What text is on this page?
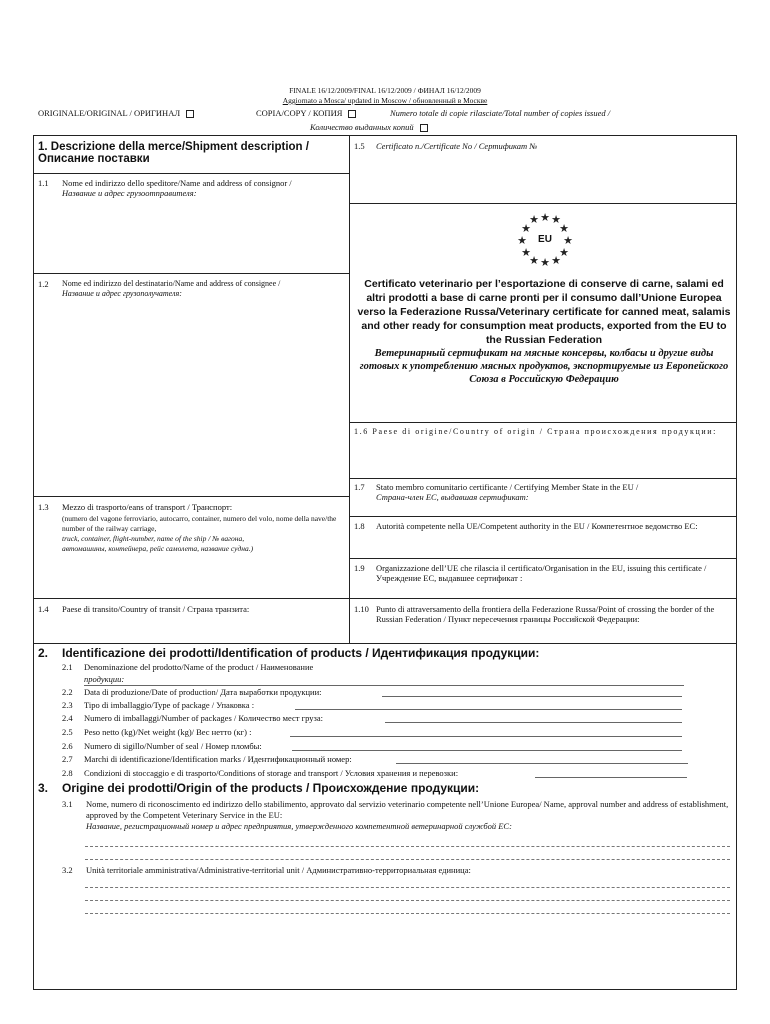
FINALE 16/12/2009/FINAL 16/12/2009 / ФИНАЛ 16/12/2009
Aggiornato a Mosca/ updated in Moscow / обновленный в Москве
ORIGINALE/ORIGINAL / ОРИГИНАЛ	COPIA/COPY / КОПИЯ	Numero totale di copie rilasciate/Total number of copies issued /
Количество выданных копий
1. Descrizione della merce/Shipment description /
Описание поставки
1.1 Nome ed indirizzo dello speditore/Name and address of consignor /
Название и адрес грузоотправителя:
1.2 Nome ed indirizzo del destinatario/Name and address of consignee /
Название и адрес грузополучателя:
1.3 Mezzo di trasporto/eans of transport / Транспорт:
(numero del vagone ferroviario, autocarro, container, numero del volo, nome della nave/the number of the railway carriage,
truck, container, flight-number, name of the ship / № вагона,
автомашины, контейнера, рейс самолета, название судна.)
1.4 Paese di transito/Country of transit / Страна транзита:
1.5 Certificato n./Certificate No / Сертификат №
★
★ ★
★	★
★	★
★	★
★ ★
★
EU
Certificato veterinario per l’esportazione di conserve di carne, salami ed altri prodotti a base di carne pronti per il consumo dall’Unione Europea verso la Federazione Russa/Veterinary certificate for canned meat, salamis and other ready for consumption meat products, exported from the EU to the Russian Federation
Ветеринарный сертификат на мясные консервы, колбасы и другие виды готовых к употреблению мясных продуктов, экспортируемые из Европейского Союза в Российскую Федерацию
1.6 Paese di origine/Country of origin / Страна происхождения продукции:
1.7 Stato membro comunitario certificante / Certifying Member State in the EU /
Страна-член ЕС, выдавшая сертификат:
1.8 Autorità competente nella UE/Competent authority in the EU / Компетентное ведомство ЕС:
1.9 Organizzazione dell’UE che rilascia il certificato/Organisation in the EU, issuing this certificate / Учреждение ЕС, выдавшее сертификат :
1.10 Punto di attraversamento della frontiera della Federazione Russa/Point of crossing the border of the Russian Federation / Пункт пересечения границы Российской Федерации:
2. Identificazione dei prodotti/Identification of products / Идентификация продукции:
2.1 Denominazione del prodotto/Name of the product / Наименование
продукции:
2.2 Data di produzione/Date of production/ Дата выработки продукции:
2.3 Tipo di imballaggio/Type of package / Упаковка :
2.4 Numero di imballaggi/Number of packages / Количество мест груза:
2.5 Peso netto (kg)/Net weight (kg)/ Вес нетто (кг) :
2.6 Numero di sigillo/Number of seal / Номер пломбы:
2.7 Marchi di identificazione/Identification marks / Идентификационный номер:
2.8 Condizioni di stoccaggio e di trasporto/Conditions of storage and transport / Условия хранения и перевозки:
3. Origine dei prodotti/Origin of the products / Происхождение продукции:
3.1 Nome, numero di riconoscimento ed indirizzo dello stabilimento, approvato dal servizio veterinario competente nell’Unione Europea/ Name, approval number and address of establishment, approved by the Competent Veterinary Service in the EU:
Название, регистрационный номер и адрес предприятия, утвержденного компетентной ветеринарной службой ЕС:
3.2 Unità territoriale amministrativa/Administrative-territorial unit / Административно-территориальная единица:
